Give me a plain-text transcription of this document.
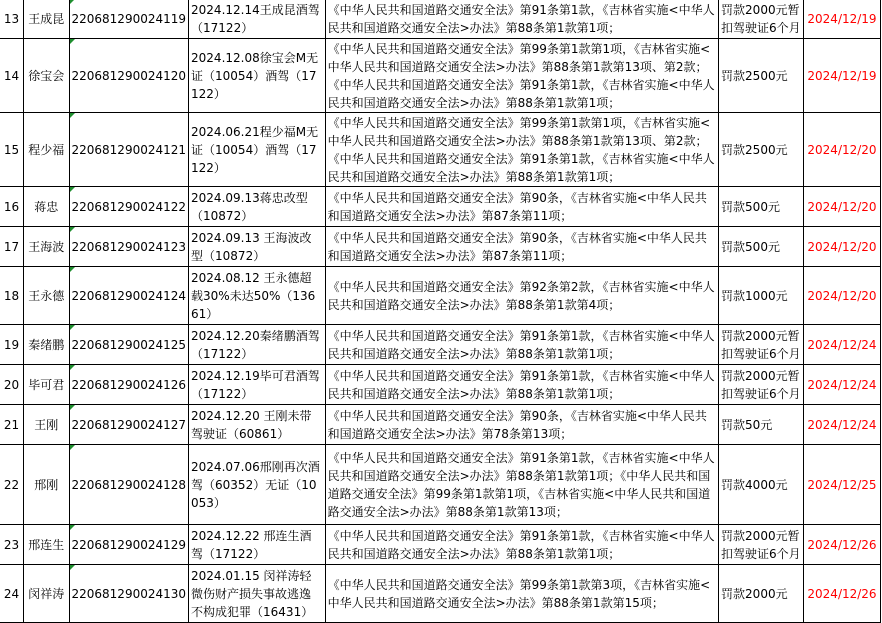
13	王成昆	220681290024119	2024.12.14王成昆酒驾（17122）	《中华人民共和国道路交通安全法》第91条第1款，《吉林省实施<中华人民共和国道路交通安全法>办法》第88条第1款第1项；	罚款2000元暂扣驾驶证6个月	2024/12/19
14	徐宝会	220681290024120	2024.12.08徐宝会M无证（10054）酒驾（17122）	《中华人民共和国道路交通安全法》第99条第1款第1项，《吉林省实施<中华人民共和国道路交通安全法>办法》第88条第1款第13项、第2款；《中华人民共和国道路交通安全法》第91条第1款，《吉林省实施<中华人民共和国道路交通安全法>办法》第88条第1款第1项；	罚款2500元	2024/12/19
15	程少福	220681290024121	2024.06.21程少福M无证（10054）酒驾（17122）	《中华人民共和国道路交通安全法》第99条第1款第1项，《吉林省实施<中华人民共和国道路交通安全法>办法》第88条第1款第13项、第2款；《中华人民共和国道路交通安全法》第91条第1款，《吉林省实施<中华人民共和国道路交通安全法>办法》第88条第1款第1项；	罚款2500元	2024/12/20
16	蒋忠	220681290024122	2024.09.13蒋忠改型（10872）	《中华人民共和国道路交通安全法》第90条，《吉林省实施<中华人民共和国道路交通安全法>办法》第87条第11项；	罚款500元	2024/12/20
17	王海波	220681290024123	2024.09.13 王海波改型（10872）	《中华人民共和国道路交通安全法》第90条，《吉林省实施<中华人民共和国道路交通安全法>办法》第87条第11项；	罚款500元	2024/12/20
18	王永德	220681290024124	2024.08.12 王永德超载30%未达50%（13661）	《中华人民共和国道路交通安全法》第92条第2款，《吉林省实施<中华人民共和国道路交通安全法>办法》第88条第1款第4项；	罚款1000元	2024/12/20
19	秦绪鹏	220681290024125	2024.12.20秦绪鹏酒驾（17122）	《中华人民共和国道路交通安全法》第91条第1款，《吉林省实施<中华人民共和国道路交通安全法>办法》第88条第1款第1项；	罚款2000元暂扣驾驶证6个月	2024/12/24
20	毕可君	220681290024126	2024.12.19毕可君酒驾（17122）	《中华人民共和国道路交通安全法》第91条第1款，《吉林省实施<中华人民共和国道路交通安全法>办法》第88条第1款第1项；	罚款2000元暂扣驾驶证6个月	2024/12/24
21	王刚	220681290024127	2024.12.20 王刚未带驾驶证（60861）	《中华人民共和国道路交通安全法》第90条，《吉林省实施<中华人民共和国道路交通安全法>办法》第78条第13项；	罚款50元	2024/12/24
22	邢刚	220681290024128	2024.07.06邢刚再次酒驾（60352）无证（10053）	《中华人民共和国道路交通安全法》第91条第1款，《吉林省实施<中华人民共和国道路交通安全法>办法》第88条第1款第1项；《中华人民共和国道路交通安全法》第99条第1款第1项，《吉林省实施<中华人民共和国道路交通安全法>办法》第88条第1款第13项；	罚款4000元	2024/12/25
23	邢连生	220681290024129	2024.12.22 邢连生酒驾（17122）	《中华人民共和国道路交通安全法》第91条第1款，《吉林省实施<中华人民共和国道路交通安全法>办法》第88条第1款第1项；	罚款2000元暂扣驾驶证6个月	2024/12/26
24	闵祥涛	220681290024130	2024.01.15 闵祥涛轻微伤财产损失事故逃逸不构成犯罪（16431）	《中华人民共和国道路交通安全法》第99条第1款第3项，《吉林省实施<中华人民共和国道路交通安全法>办法》第88条第1款第15项；	罚款2000元	2024/12/26
